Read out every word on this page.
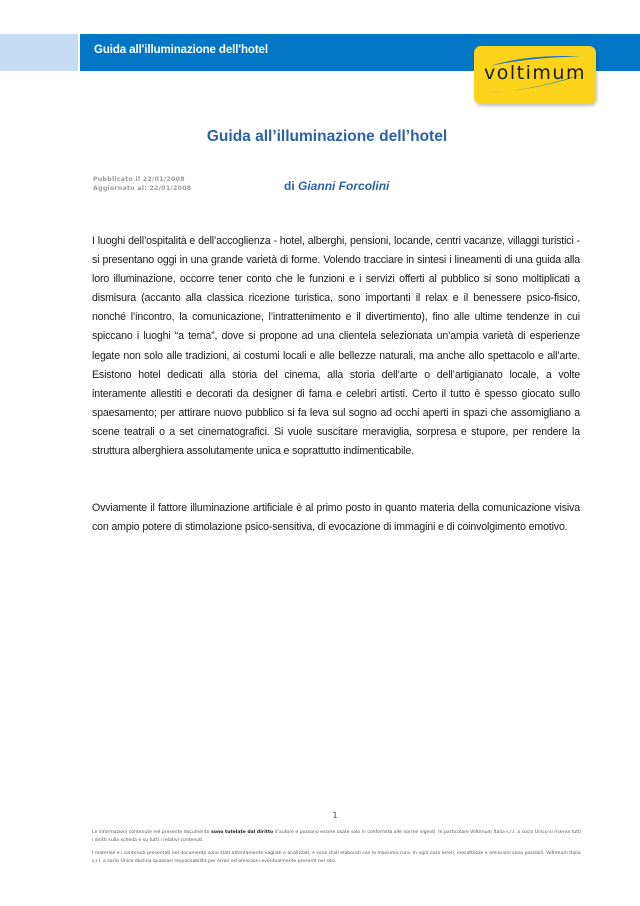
Guida all'illuminazione dell'hotel
voltimum
Guida all’illuminazione dell’hotel
Pubblicato il 22/01/2008
Aggiornato al: 22/01/2008	di Gianni Forcolini

I luoghi dell’ospitalità e dell’accoglienza - hotel, alberghi, pensioni, locande, centri vacanze, villaggi turistici - si presentano oggi in una grande varietà di forme. Volendo tracciare in sintesi i lineamenti di una guida alla loro illuminazione, occorre tener conto che le funzioni e i servizi offerti al pubblico si sono moltiplicati a dismisura (accanto alla classica ricezione turistica, sono importanti il relax e il benessere psico-fisico, nonché l’incontro, la comunicazione, l’intrattenimento e il divertimento), fino alle ultime tendenze in cui spiccano i luoghi “a tema”, dove si propone ad una clientela selezionata un’ampia varietà di esperienze legate non solo alle tradizioni, ai costumi locali e alle bellezze naturali, ma anche allo spettacolo e all’arte. Esistono hotel dedicati alla storia del cinema, alla storia dell’arte o dell’artigianato locale, a volte interamente allestiti e decorati da designer di fama e celebri artisti. Certo il tutto è spesso giocato sullo spaesamento; per attirare nuovo pubblico si fa leva sul sogno ad occhi aperti in spazi che assomigliano a scene teatrali o a set cinematografici. Si vuole suscitare meraviglia, sorpresa e stupore, per rendere la struttura alberghiera assolutamente unica e soprattutto indimenticabile.

Ovviamente il fattore illuminazione artificiale è al primo posto in quanto materia della comunicazione visiva con ampio potere di stimolazione psico-sensitiva, di evocazione di immagini e di coinvolgimento emotivo.

1

Le informazioni contenute nel presente documento sono tutelate dal diritto d’autore e possono essere usate solo in conformità alle norme vigenti. In particolare Voltimum Italia s.r.l. a socio Unico si riserva tutti i diritti sulla scheda e su tutti i relativi contenuti.

I materiali e i contenuti presentati nel documento sono stati attentamente vagliati e analizzati, e sono stati elaborati con la massima cura. In ogni caso errori, inesattezze e omissioni sono possibili. Voltimum Italia s.r.l. a socio Unico declina qualsiasi responsabilità per errori ed omissioni eventualmente presenti nel sito.
